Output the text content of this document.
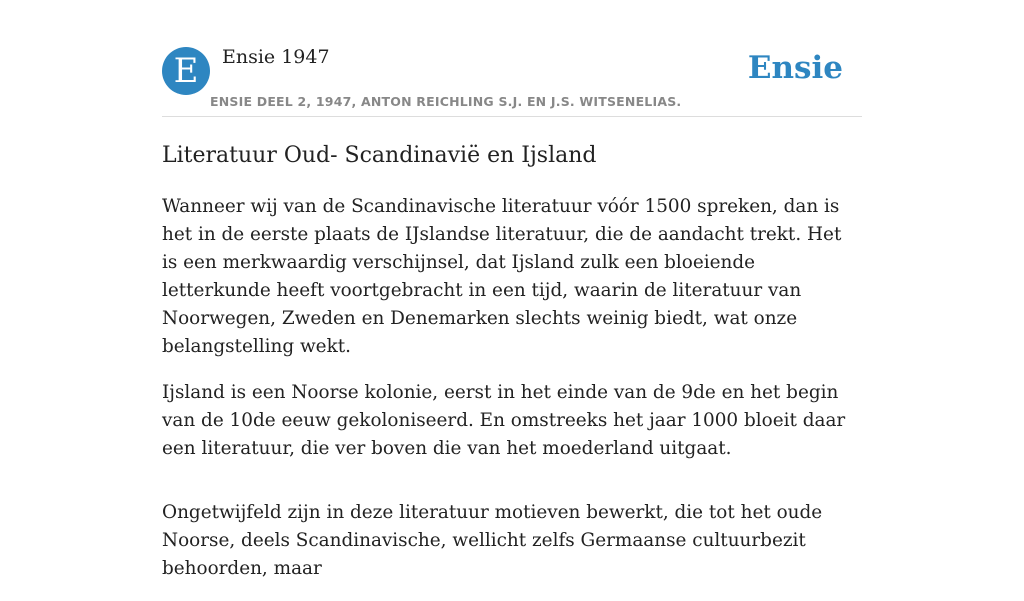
E	Ensie 1947
ENSIE DEEL 2, 1947, ANTON REICHLING S.J. EN J.S. WITSENELIAS.
Ensie
Literatuur Oud- Scandinavië en Ijsland

Wanneer wij van de Scandinavische literatuur vóór 1500 spreken, dan is het in de eerste plaats de IJslandse literatuur, die de aandacht trekt. Het is een merkwaardig verschijnsel, dat Ijsland zulk een bloeiende letterkunde heeft voortgebracht in een tijd, waarin de literatuur van Noorwegen, Zweden en Denemarken slechts weinig biedt, wat onze belangstelling wekt.

Ijsland is een Noorse kolonie, eerst in het einde van de 9de en het begin van de 10de eeuw gekoloniseerd. En omstreeks het jaar 1000 bloeit daar een literatuur, die ver boven die van het moederland uitgaat.

Ongetwijfeld zijn in deze literatuur motieven bewerkt, die tot het oude Noorse, deels Scandinavische, wellicht zelfs Germaanse cultuurbezit behoorden, maar
